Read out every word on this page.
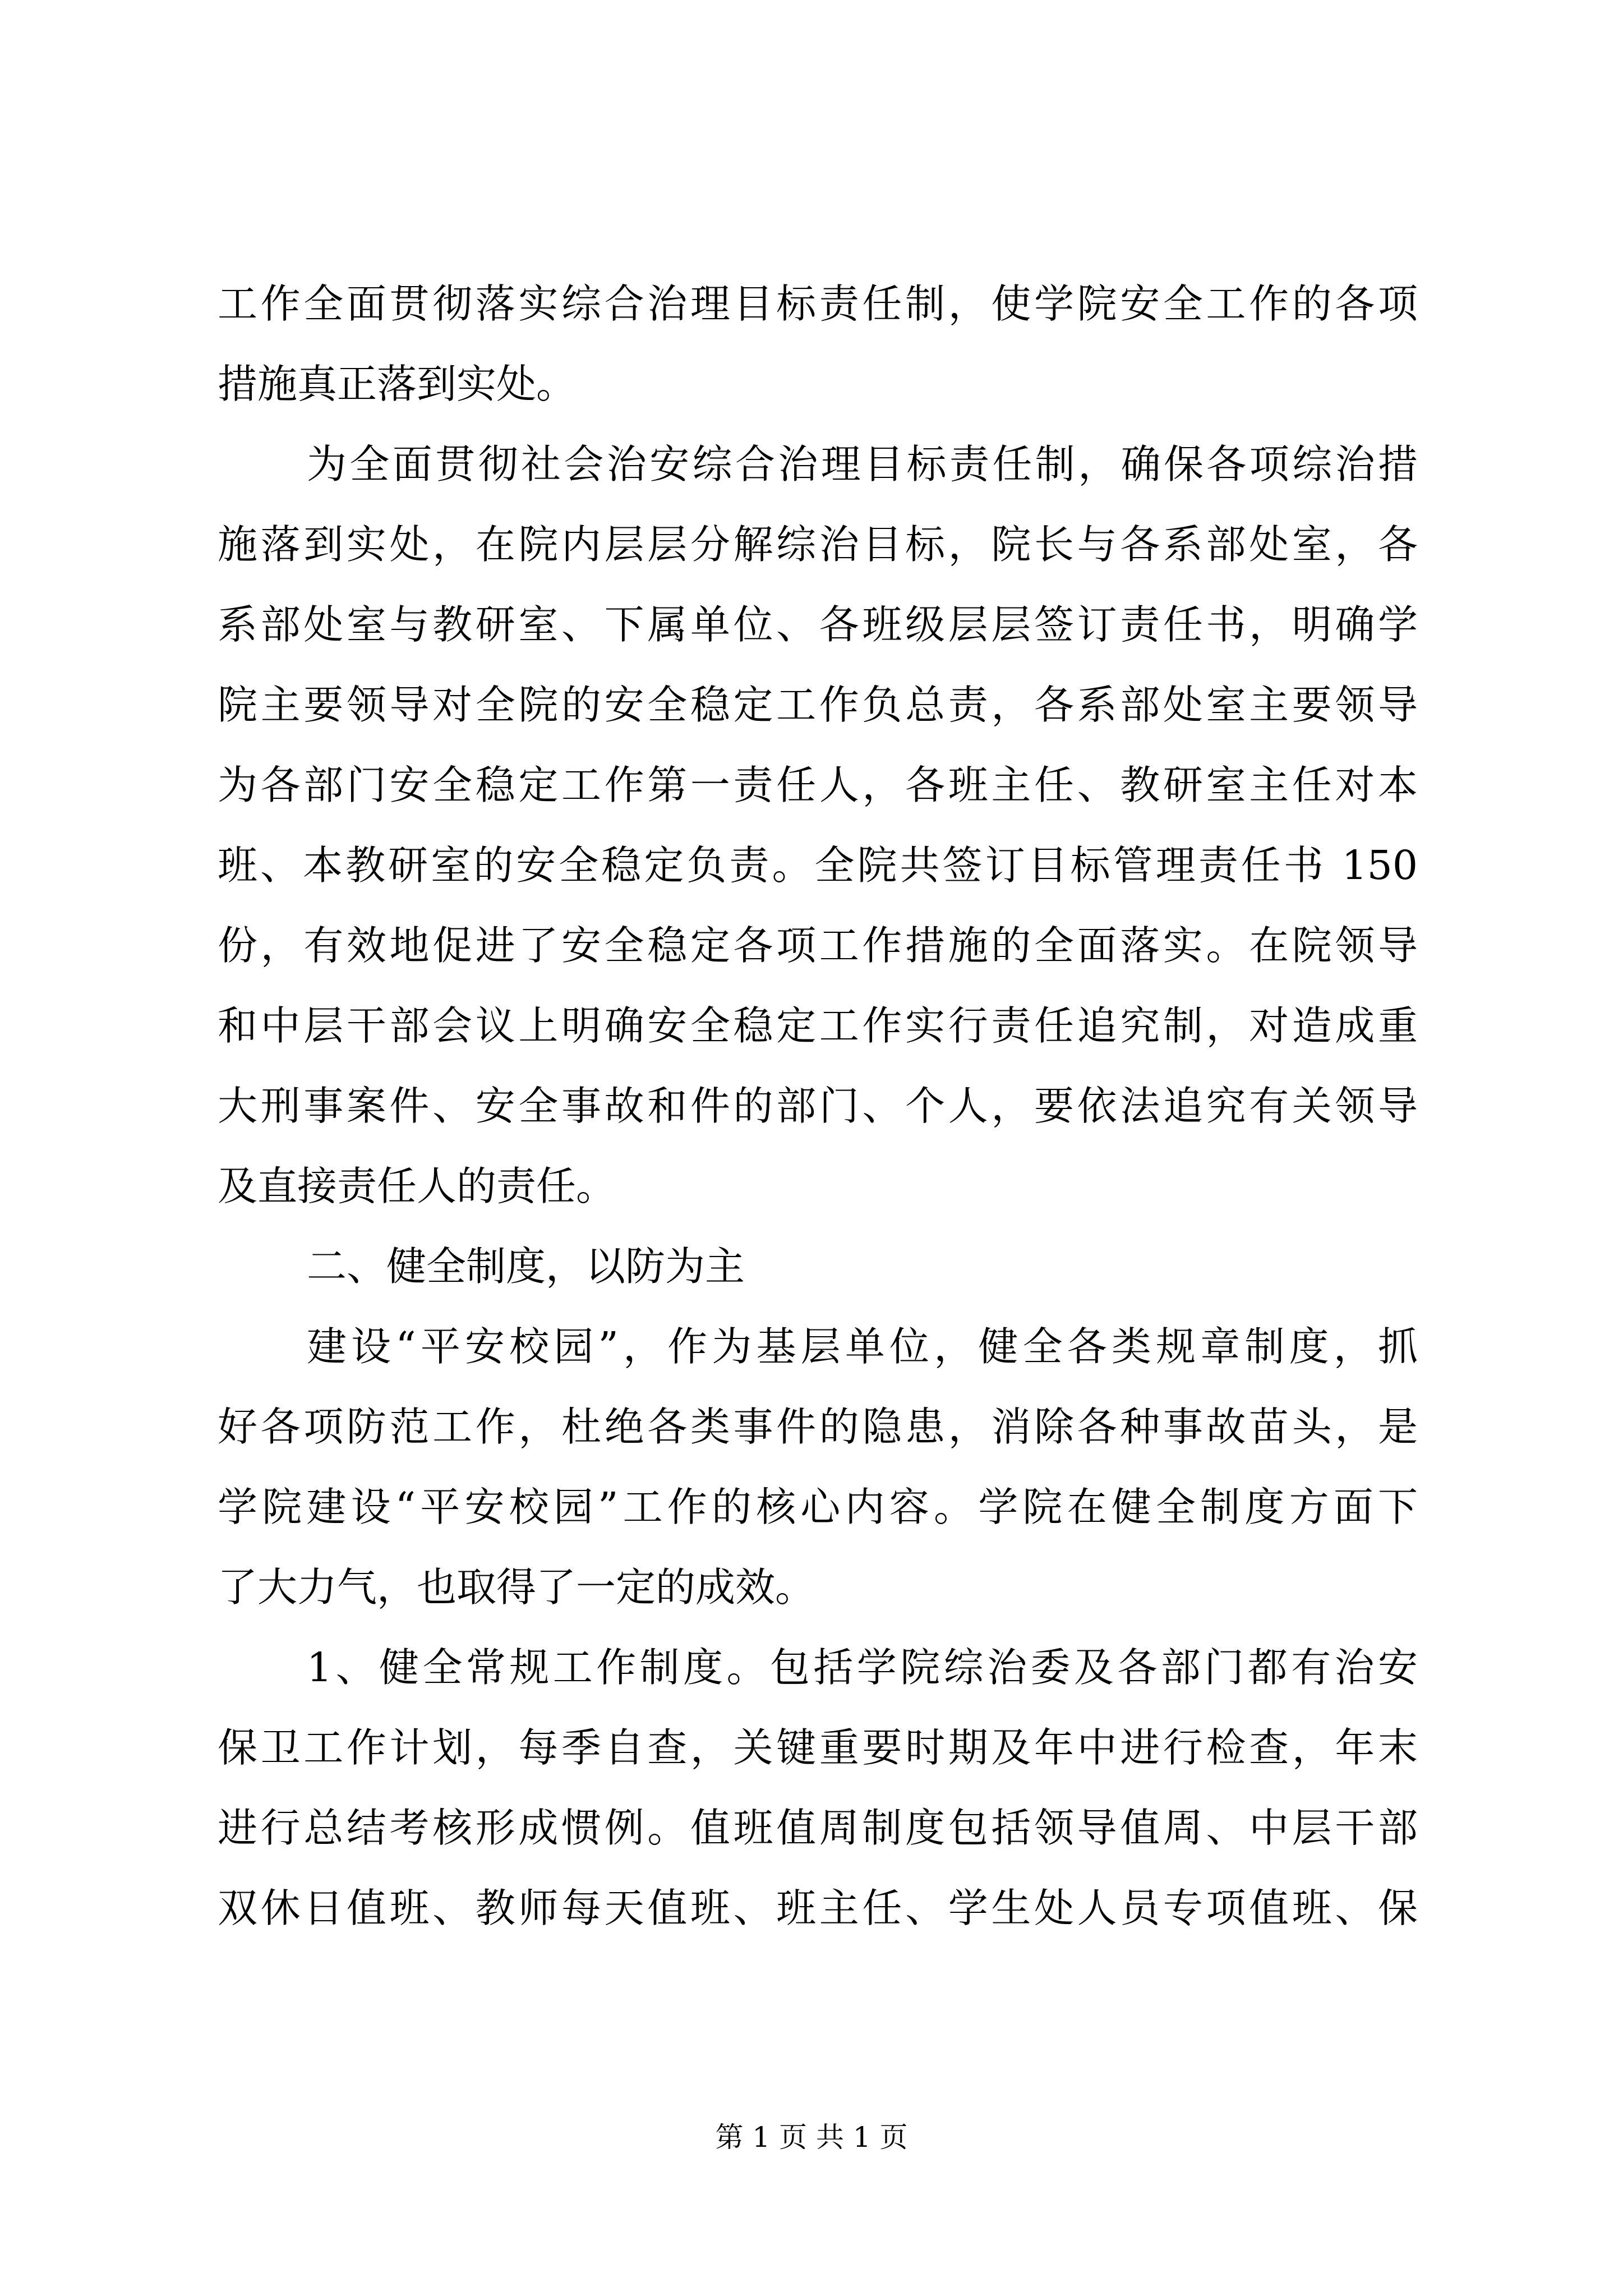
工作全面贯彻落实综合治理目标责任制，使学院安全工作的各项
措施真正落到实处。
为全面贯彻社会治安综合治理目标责任制，确保各项综治措
施落到实处，在院内层层分解综治目标，院长与各系部处室，各
系部处室与教研室、下属单位、各班级层层签订责任书，明确学
院主要领导对全院的安全稳定工作负总责，各系部处室主要领导
为各部门安全稳定工作第一责任人，各班主任、教研室主任对本
班、本教研室的安全稳定负责。全院共签订目标管理责任书 150
份，有效地促进了安全稳定各项工作措施的全面落实。在院领导
和中层干部会议上明确安全稳定工作实行责任追究制，对造成重
大刑事案件、安全事故和件的部门、个人，要依法追究有关领导
及直接责任人的责任。
二、健全制度，以防为主
建设“平安校园”，作为基层单位，健全各类规章制度，抓
好各项防范工作，杜绝各类事件的隐患，消除各种事故苗头，是
学院建设“平安校园”工作的核心内容。学院在健全制度方面下
了大力气，也取得了一定的成效。
1、健全常规工作制度。包括学院综治委及各部门都有治安
保卫工作计划，每季自查，关键重要时期及年中进行检查，年末
进行总结考核形成惯例。值班值周制度包括领导值周、中层干部
双休日值班、教师每天值班、班主任、学生处人员专项值班、保
第 1 页 共 1 页
